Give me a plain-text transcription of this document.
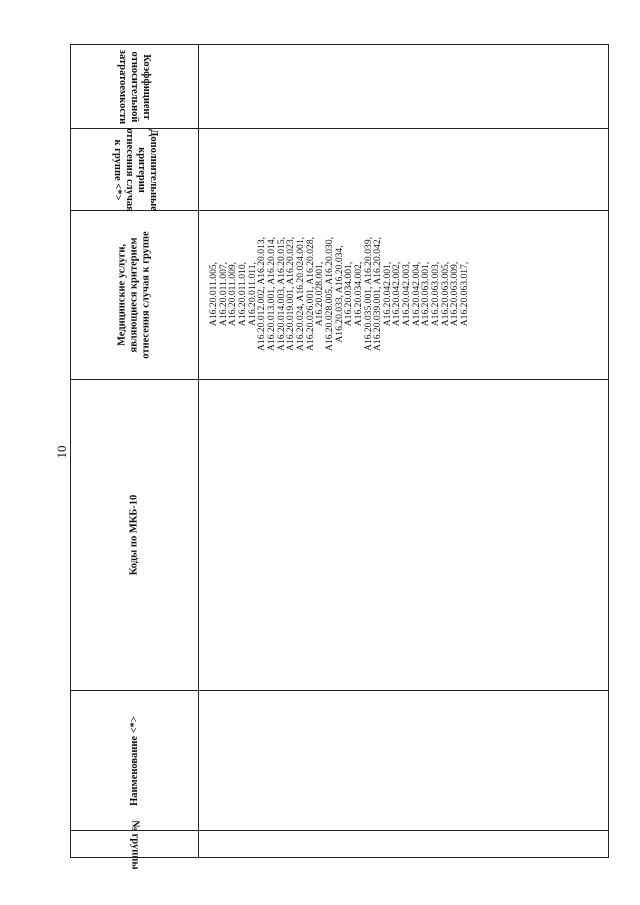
10
Коэффициент
относительной
затратоемкости
Дополнительные
критерии
отнесения случая
к группе <*>
Медицинские услуги, являющиеся критерием отнесения случая к группе
Коды по МКБ-10
Наименование <*>
№ группы
A16.20.011.005,
A16.20.011.007,
A16.20.011.009,
A16.20.011.010,
A16.20.011.011,
A16.20.012.002, A16.20.013,
A16.20.013.001, A16.20.014,
A16.20.014.003, A16.20.015,
A16.20.019.001, A16.20.023,
A16.20.024, A16.20.024.001,
A16.20.026.001, A16.20.028,
A16.20.028.001,
A16.20.028.005, A16.20.030,
A16.20.033, A16.20.034,
A16.20.034.001,
A16.20.034.002,
A16.20.035.001, A16.20.039,
A16.20.039.001, A16.20.042,
A16.20.042.001,
A16.20.042.002,
A16.20.042.003,
A16.20.042.004,
A16.20.063.001,
A16.20.063.003,
A16.20.063.005,
A16.20.063.009,
A16.20.063.017,
